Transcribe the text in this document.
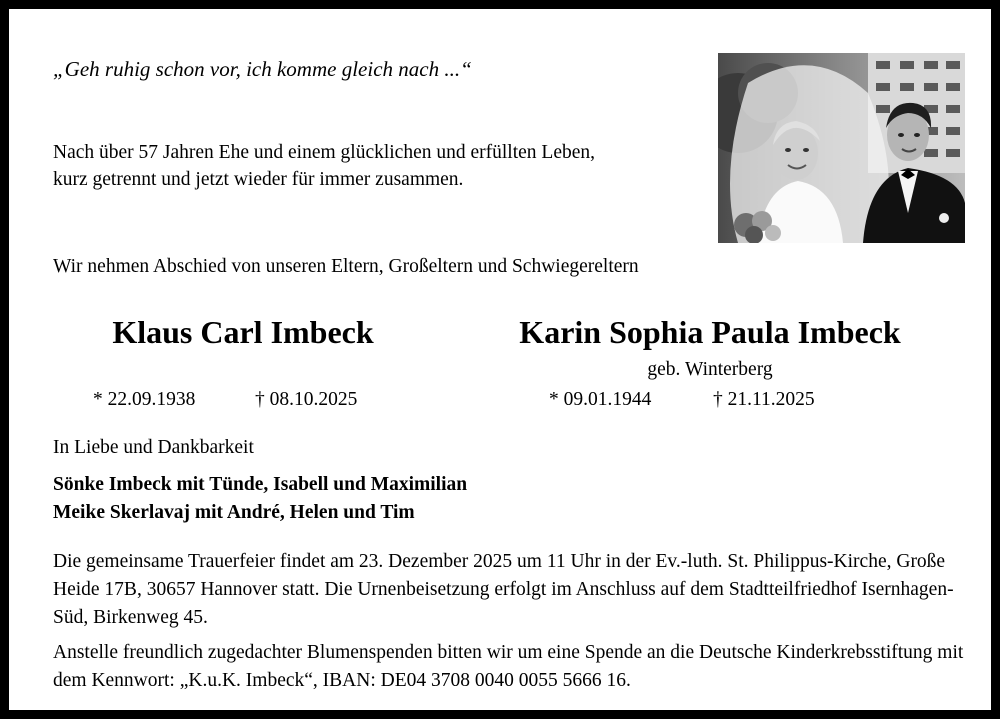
„Geh ruhig schon vor, ich komme gleich nach ...“
Nach über 57 Jahren Ehe und einem glücklichen und erfüllten Leben,
kurz getrennt und jetzt wieder für immer zusammen.
Wir nehmen Abschied von unseren Eltern, Großeltern und Schwiegereltern
Klaus Carl Imbeck	Karin Sophia Paula Imbeck
geb. Winterberg
* 22.09.1938	† 08.10.2025	* 09.01.1944	† 21.11.2025
In Liebe und Dankbarkeit
Sönke Imbeck mit Tünde, Isabell und Maximilian
Meike Skerlavaj mit André, Helen und Tim

Die gemeinsame Trauerfeier findet am 23. Dezember 2025 um 11 Uhr in der Ev.-luth. St. Philippus-Kirche, Große Heide 17B, 30657 Hannover statt. Die Urnenbeisetzung erfolgt im Anschluss auf dem Stadtteilfriedhof Isernhagen-Süd, Birkenweg 45.

Anstelle freundlich zugedachter Blumenspenden bitten wir um eine Spende an die Deutsche Kinderkrebsstiftung mit dem Kennwort: „K.u.K. Imbeck“, IBAN: DE04 3708 0040 0055 5666 16.
